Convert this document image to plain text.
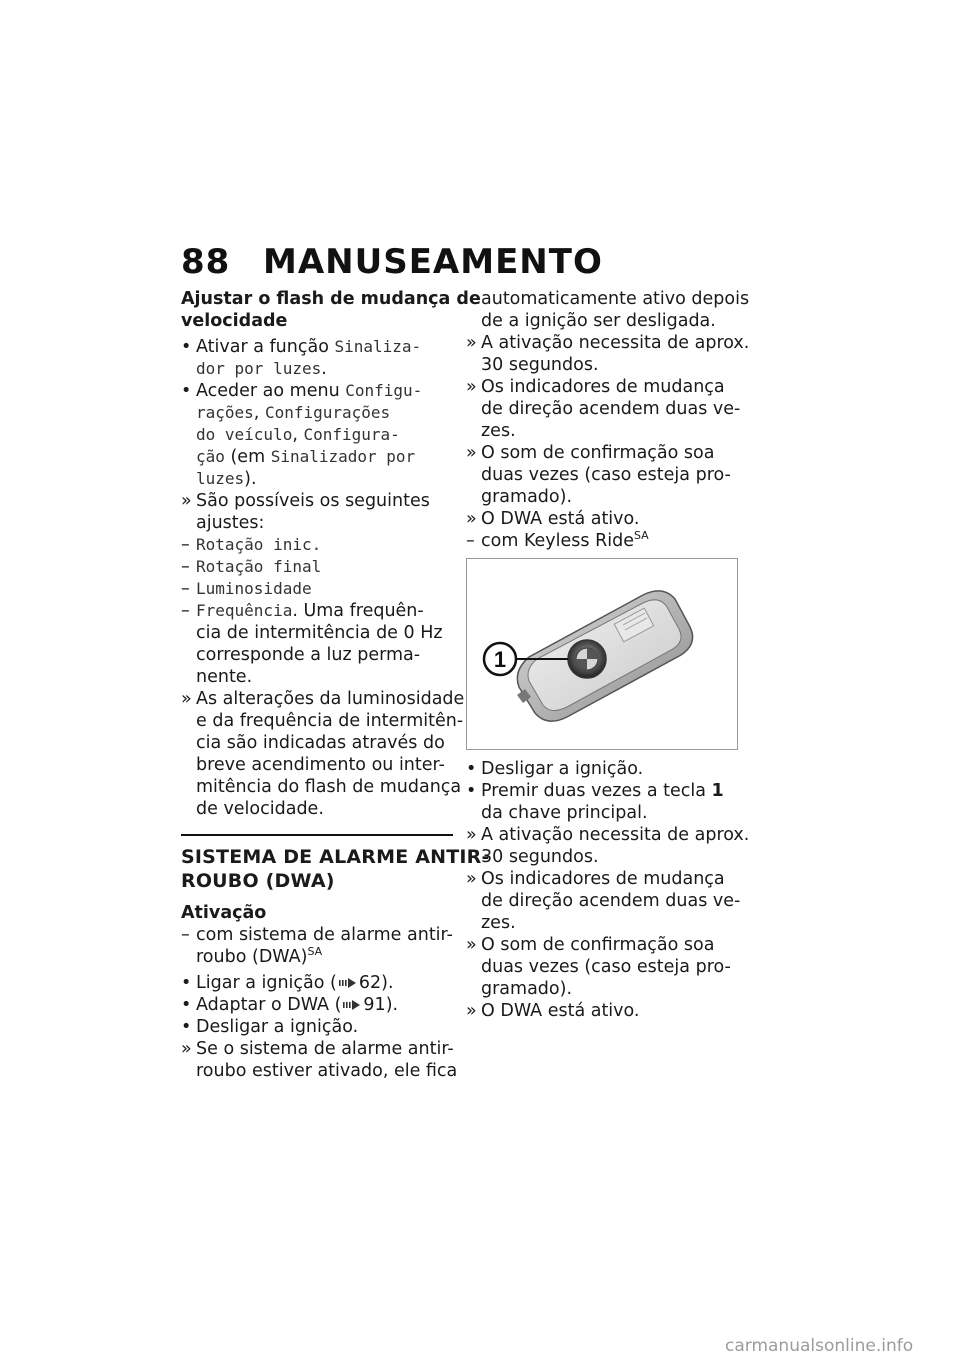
88 MANUSEAMENTO
Ajustar o flash de mudança de
velocidade
• Ativar a função Sinaliza-
dor por luzes.
• Aceder ao menu Configu-
rações, Configurações
do veículo, Configura-
ção (em Sinalizador por
luzes).
» São possíveis os seguintes
ajustes:
– Rotação inic.
– Rotação final
– Luminosidade
– Frequência. Uma frequên-
cia de intermitência de 0 Hz
corresponde a luz perma-
nente.
» As alterações da luminosidade
e da frequência de intermitên-
cia são indicadas através do
breve acendimento ou inter-
mitência do flash de mudança
de velocidade.
SISTEMA DE ALARME ANTIR-
ROUBO (DWA)
Ativação
– com sistema de alarme antir-
roubo (DWA)$^{SA}$
• Ligar a ignição ( 62).
• Adaptar o DWA ( 91).
• Desligar a ignição.
» Se o sistema de alarme antir-
roubo estiver ativado, ele fica
automaticamente ativo depois
de a ignição ser desligada.
» A ativação necessita de aprox.
30 segundos.
» Os indicadores de mudança
de direção acendem duas ve-
zes.
» O som de confirmação soa
duas vezes (caso esteja pro-
gramado).
» O DWA está ativo.
– com Keyless Ride$^{SA}$
1
• Desligar a ignição.
• Premir duas vezes a tecla 1
da chave principal.
» A ativação necessita de aprox.
30 segundos.
» Os indicadores de mudança
de direção acendem duas ve-
zes.
» O som de confirmação soa
duas vezes (caso esteja pro-
gramado).
» O DWA está ativo.
carmanualsonline.info
